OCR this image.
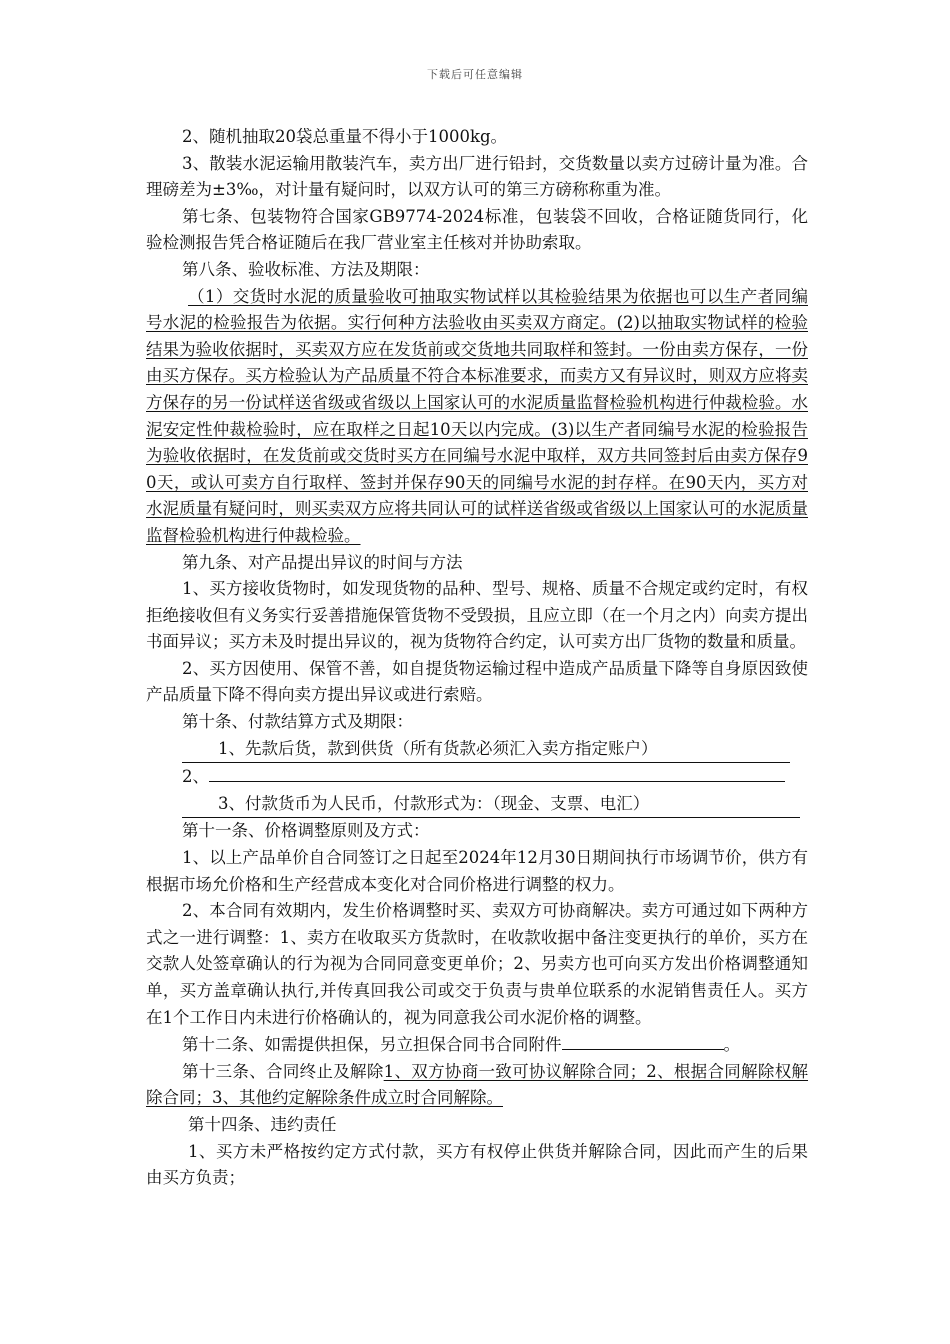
下载后可任意编辑

2、随机抽取20袋总重量不得小于1000kg。

3、散装水泥运输用散装汽车，卖方出厂进行铅封，交货数量以卖方过磅计量为准。合理磅差为±3‰，对计量有疑问时，以双方认可的第三方磅称称重为准。

第七条、包装物符合国家GB9774-2024标准，包装袋不回收，合格证随货同行，化验检测报告凭合格证随后在我厂营业室主任核对并协助索取。

第八条、验收标准、方法及期限：

（1）交货时水泥的质量验收可抽取实物试样以其检验结果为依据也可以生产者同编号水泥的检验报告为依据。实行何种方法验收由买卖双方商定。(2)以抽取实物试样的检验结果为验收依据时，买卖双方应在发货前或交货地共同取样和签封。一份由卖方保存，一份由买方保存。买方检验认为产品质量不符合本标准要求，而卖方又有异议时，则双方应将卖方保存的另一份试样送省级或省级以上国家认可的水泥质量监督检验机构进行仲裁检验。水泥安定性仲裁检验时，应在取样之日起10天以内完成。(3)以生产者同编号水泥的检验报告为验收依据时，在发货前或交货时买方在同编号水泥中取样，双方共同签封后由卖方保存90天，或认可卖方自行取样、签封并保存90天的同编号水泥的封存样。在90天内，买方对水泥质量有疑问时，则买卖双方应将共同认可的试样送省级或省级以上国家认可的水泥质量监督检验机构进行仲裁检验。

第九条、对产品提出异议的时间与方法

1、买方接收货物时，如发现货物的品种、型号、规格、质量不合规定或约定时，有权拒绝接收但有义务实行妥善措施保管货物不受毁损，且应立即（在一个月之内）向卖方提出书面异议；买方未及时提出异议的，视为货物符合约定，认可卖方出厂货物的数量和质量。

2、买方因使用、保管不善，如自提货物运输过程中造成产品质量下降等自身原因致使产品质量下降不得向卖方提出异议或进行索赔。

第十条、付款结算方式及期限：

1、先款后货，款到供货（所有货款必须汇入卖方指定账户）

2、

3、付款货币为人民币，付款形式为：（现金、支票、电汇）

第十一条、价格调整原则及方式：

1、以上产品单价自合同签订之日起至2024年12月30日期间执行市场调节价，供方有根据市场允价格和生产经营成本变化对合同价格进行调整的权力。

2、本合同有效期内，发生价格调整时买、卖双方可协商解决。卖方可通过如下两种方式之一进行调整：1、卖方在收取买方货款时，在收款收据中备注变更执行的单价，买方在交款人处签章确认的行为视为合同同意变更单价；2、另卖方也可向买方发出价格调整通知单，买方盖章确认执行,并传真回我公司或交于负责与贵单位联系的水泥销售责任人。买方在1个工作日内未进行价格确认的，视为同意我公司水泥价格的调整。

第十二条、如需提供担保，另立担保合同书合同附件	。

第十三条、合同终止及解除1、双方协商一致可协议解除合同；2、根据合同解除权解除合同；3、其他约定解除条件成立时合同解除。

第十四条、违约责任

1、买方未严格按约定方式付款，买方有权停止供货并解除合同，因此而产生的后果由买方负责；
